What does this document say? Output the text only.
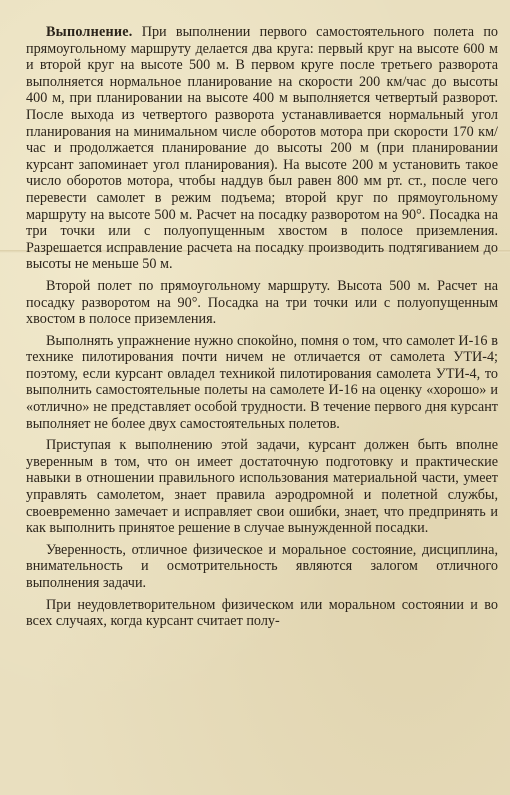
Выполнение. При выполнении первого самостоятельного полета по прямоугольному маршруту делается два круга: первый круг на высоте 600 м и второй круг на высоте 500 м. В первом круге после третьего разворота выполняется нормальное планирование на скорости 200 км/час до высоты 400 м, при планировании на высоте 400 м выполняется четвертый разворот. После выхода из четвертого разворота устанавливается нормальный угол планирования на минимальном числе оборотов мотора при скорости 170 км/час и продолжается планирование до высоты 200 м (при планировании курсант запоминает угол планирования). На высоте 200 м установить такое число оборотов мотора, чтобы наддув был равен 800 мм рт. ст., после чего перевести самолет в режим подъема; второй круг по прямоугольному маршруту на высоте 500 м. Расчет на посадку разворотом на 90°. Посадка на три точки или с полуопущенным хвостом в полосе приземления. Разрешается исправление расчета на посадку производить подтягиванием до высоты не меньше 50 м.

Второй полет по прямоугольному маршруту. Высота 500 м. Расчет на посадку разворотом на 90°. Посадка на три точки или с полуопущенным хвостом в полосе приземления.

Выполнять упражнение нужно спокойно, помня о том, что самолет И-16 в технике пилотирования почти ничем не отличается от самолета УТИ-4; поэтому, если курсант овладел техникой пилотирования самолета УТИ-4, то выполнить самостоятельные полеты на самолете И-16 на оценку «хорошо» и «отлично» не представляет особой трудности. В течение первого дня курсант выполняет не более двух самостоятельных полетов.

Приступая к выполнению этой задачи, курсант должен быть вполне уверенным в том, что он имеет достаточную подготовку и практические навыки в отношении правильного использования материальной части, умеет управлять самолетом, знает правила аэродромной и полетной службы, своевременно замечает и исправляет свои ошибки, знает, что предпринять и как выполнить принятое решение в случае вынужденной посадки.

Уверенность, отличное физическое и моральное состояние, дисциплина, внимательность и осмотрительность являются залогом отличного выполнения задачи.

При неудовлетворительном физическом или моральном состоянии и во всех случаях, когда курсант считает полу-
